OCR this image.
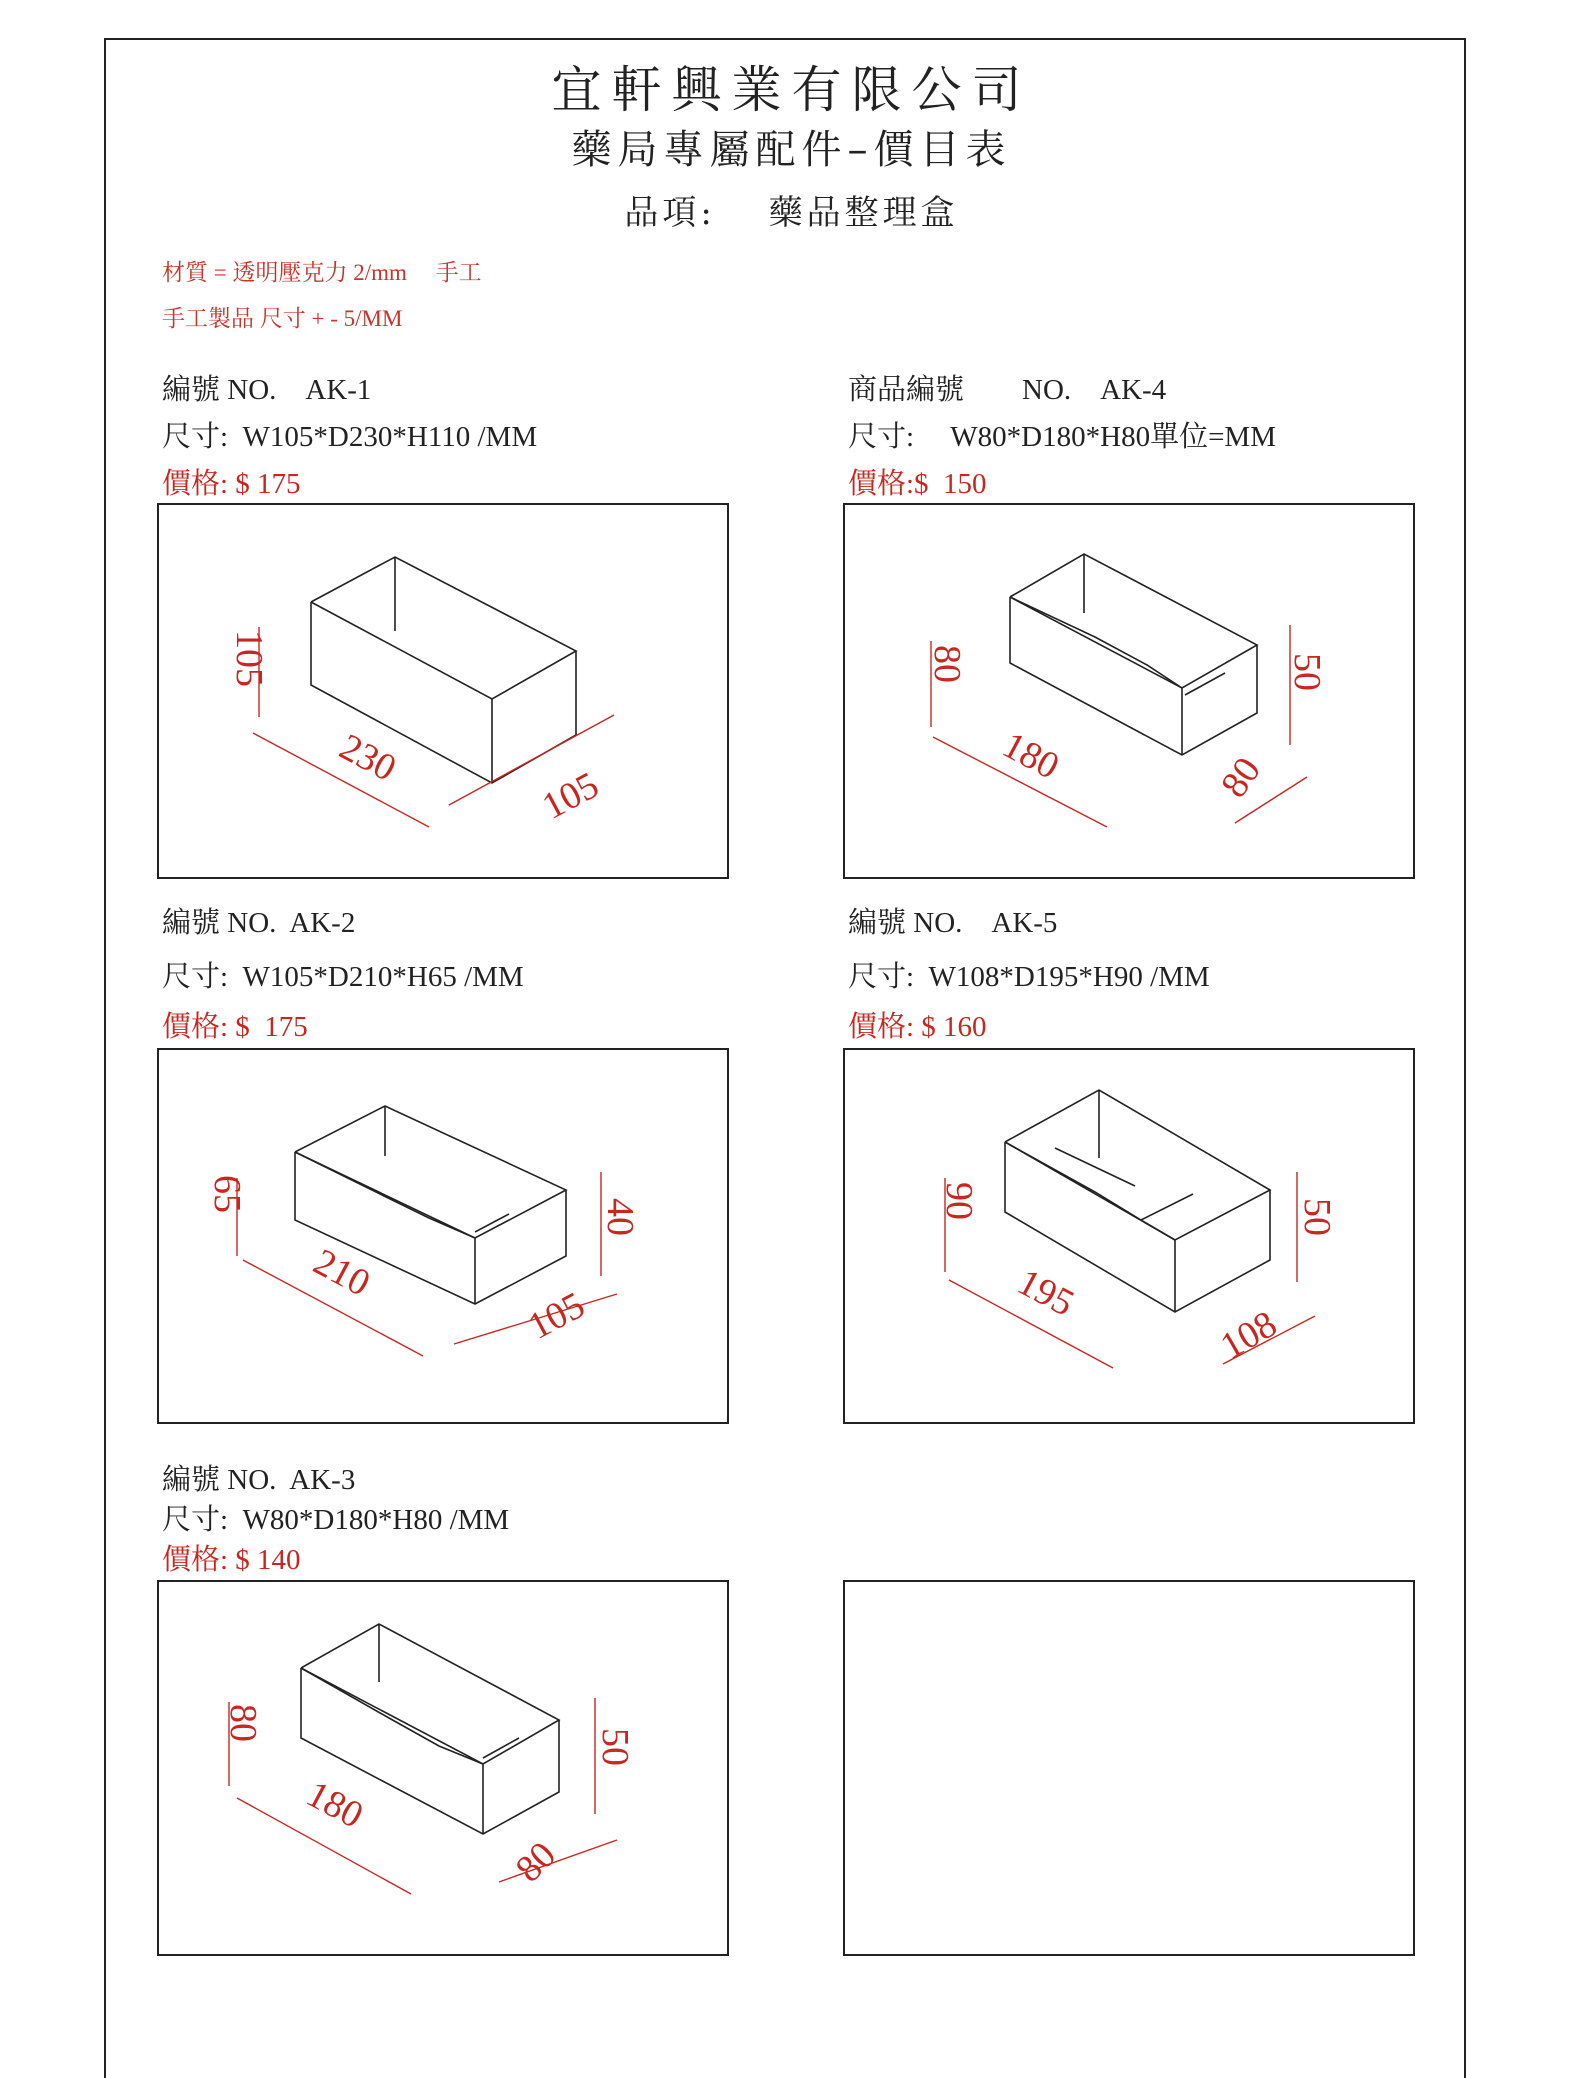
宜軒興業有限公司
藥局專屬配件–價目表
品項:　 藥品整理盒
材質 = 透明壓克力 2/mm　 手工
手工製品 尺寸 + - 5/MM
編號 NO.　AK-1
尺寸:  W105*D230*H110 /MM
價格: $ 175
105
230
105
商品編號　　NO.　AK-4
尺寸:　 W80*D180*H80單位=MM
價格:$  150
80	50
180	80
編號 NO.  AK-2
尺寸:  W105*D210*H65 /MM
價格: $  175
65
40
210
105
編號 NO.　AK-5
尺寸:  W108*D195*H90 /MM
價格: $ 160
90	50
195
108
編號 NO.  AK-3
尺寸:  W80*D180*H80 /MM
價格: $ 140
80
50
180
80
